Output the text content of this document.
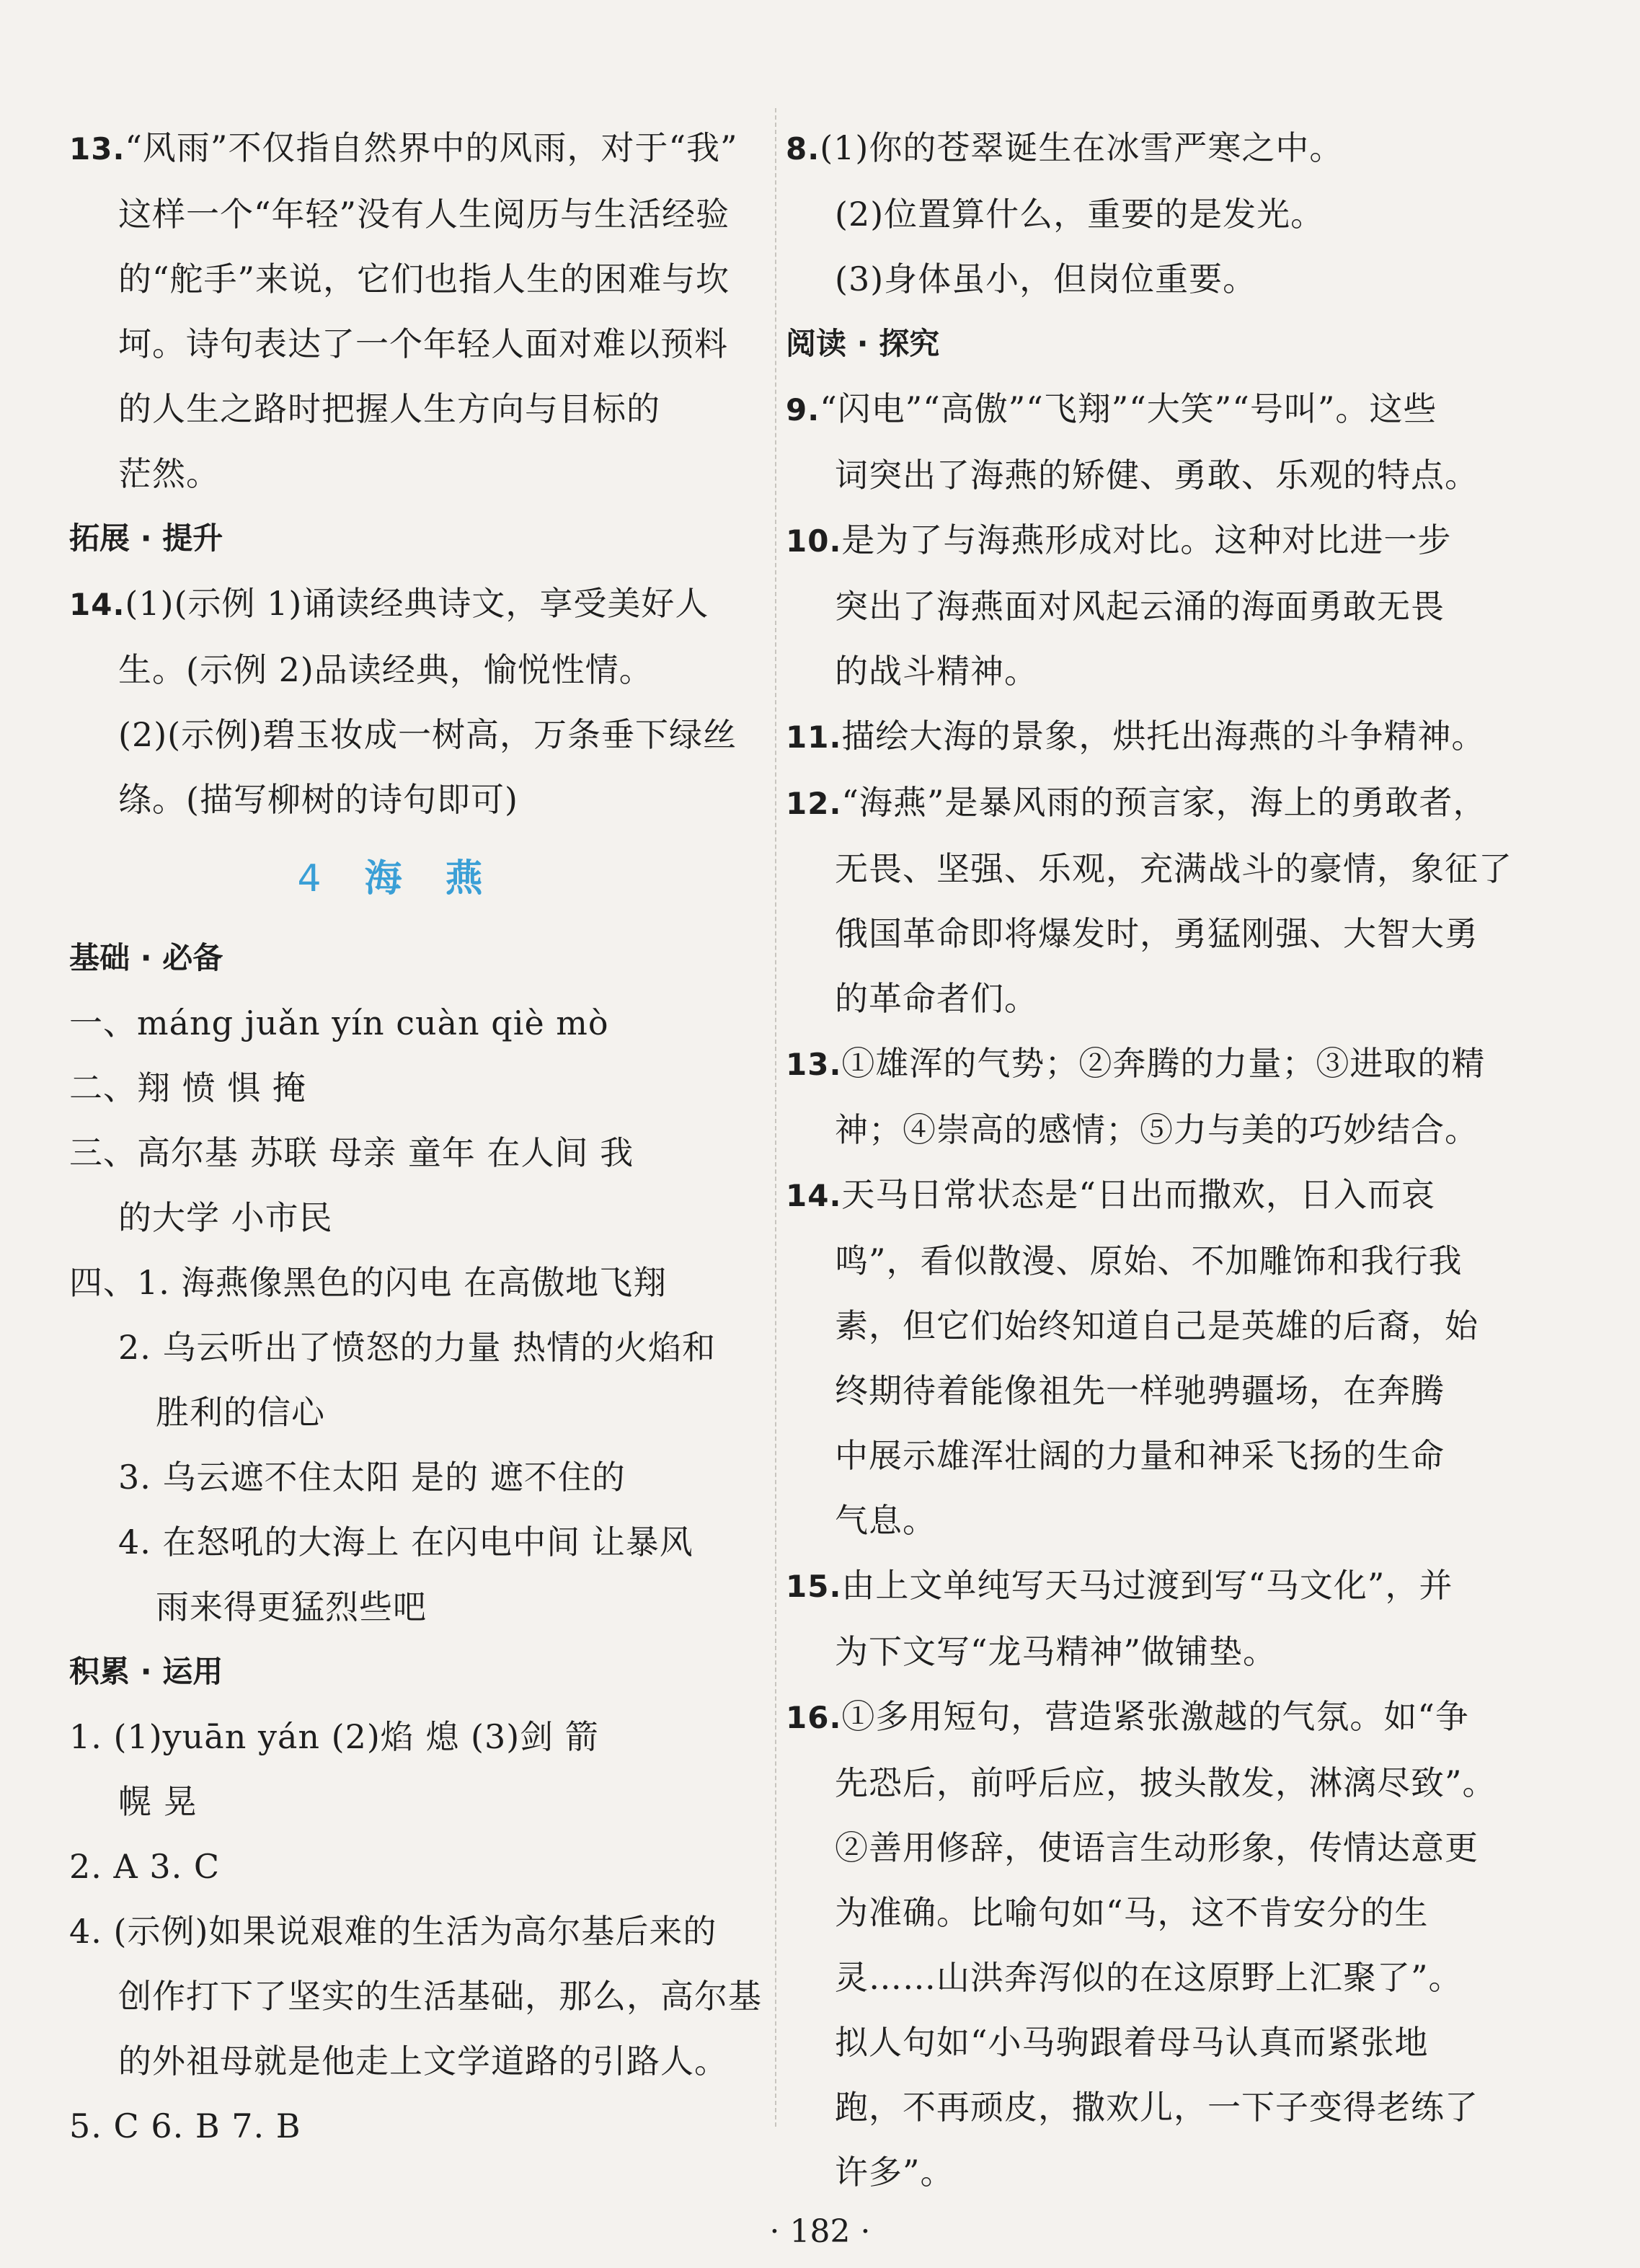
13.“风雨”不仅指自然界中的风雨，对于“我”
这样一个“年轻”没有人生阅历与生活经验
的“舵手”来说，它们也指人生的困难与坎
坷。诗句表达了一个年轻人面对难以预料
的人生之路时把握人生方向与目标的
茫然。
拓展 · 提升
14.(1)(示例 1)诵读经典诗文，享受美好人
生。(示例 2)品读经典，愉悦性情。
(2)(示例)碧玉妆成一树高，万条垂下绿丝
绦。(描写柳树的诗句即可)
4 海燕
基础 · 必备
一、máng juǎn yín cuàn qiè mò
二、翔 愤 惧 掩
三、高尔基 苏联 母亲 童年 在人间 我
的大学 小市民
四、1. 海燕像黑色的闪电 在高傲地飞翔
2. 乌云听出了愤怒的力量 热情的火焰和
胜利的信心
3. 乌云遮不住太阳 是的 遮不住的
4. 在怒吼的大海上 在闪电中间 让暴风
雨来得更猛烈些吧
积累 · 运用
1. (1)yuān yán (2)焰 熄 (3)剑 箭
幌 晃
2. A 3. C
4. (示例)如果说艰难的生活为高尔基后来的
创作打下了坚实的生活基础，那么，高尔基
的外祖母就是他走上文学道路的引路人。
5. C 6. B 7. B
8.(1)你的苍翠诞生在冰雪严寒之中。
(2)位置算什么，重要的是发光。
(3)身体虽小，但岗位重要。
阅读 · 探究
9.“闪电”“高傲”“飞翔”“大笑”“号叫”。这些
词突出了海燕的矫健、勇敢、乐观的特点。
10.是为了与海燕形成对比。这种对比进一步
突出了海燕面对风起云涌的海面勇敢无畏
的战斗精神。
11.描绘大海的景象，烘托出海燕的斗争精神。
12.“海燕”是暴风雨的预言家，海上的勇敢者，
无畏、坚强、乐观，充满战斗的豪情，象征了
俄国革命即将爆发时，勇猛刚强、大智大勇
的革命者们。
13.①雄浑的气势；②奔腾的力量；③进取的精
神；④崇高的感情；⑤力与美的巧妙结合。
14.天马日常状态是“日出而撒欢，日入而哀
鸣”，看似散漫、原始、不加雕饰和我行我
素，但它们始终知道自己是英雄的后裔，始
终期待着能像祖先一样驰骋疆场，在奔腾
中展示雄浑壮阔的力量和神采飞扬的生命
气息。
15.由上文单纯写天马过渡到写“马文化”，并
为下文写“龙马精神”做铺垫。
16.①多用短句，营造紧张激越的气氛。如“争
先恐后，前呼后应，披头散发，淋漓尽致”。
②善用修辞，使语言生动形象，传情达意更
为准确。比喻句如“马，这不肯安分的生
灵……山洪奔泻似的在这原野上汇聚了”。
拟人句如“小马驹跟着母马认真而紧张地
跑，不再顽皮，撒欢儿，一下子变得老练了
许多”。
· 182 ·
